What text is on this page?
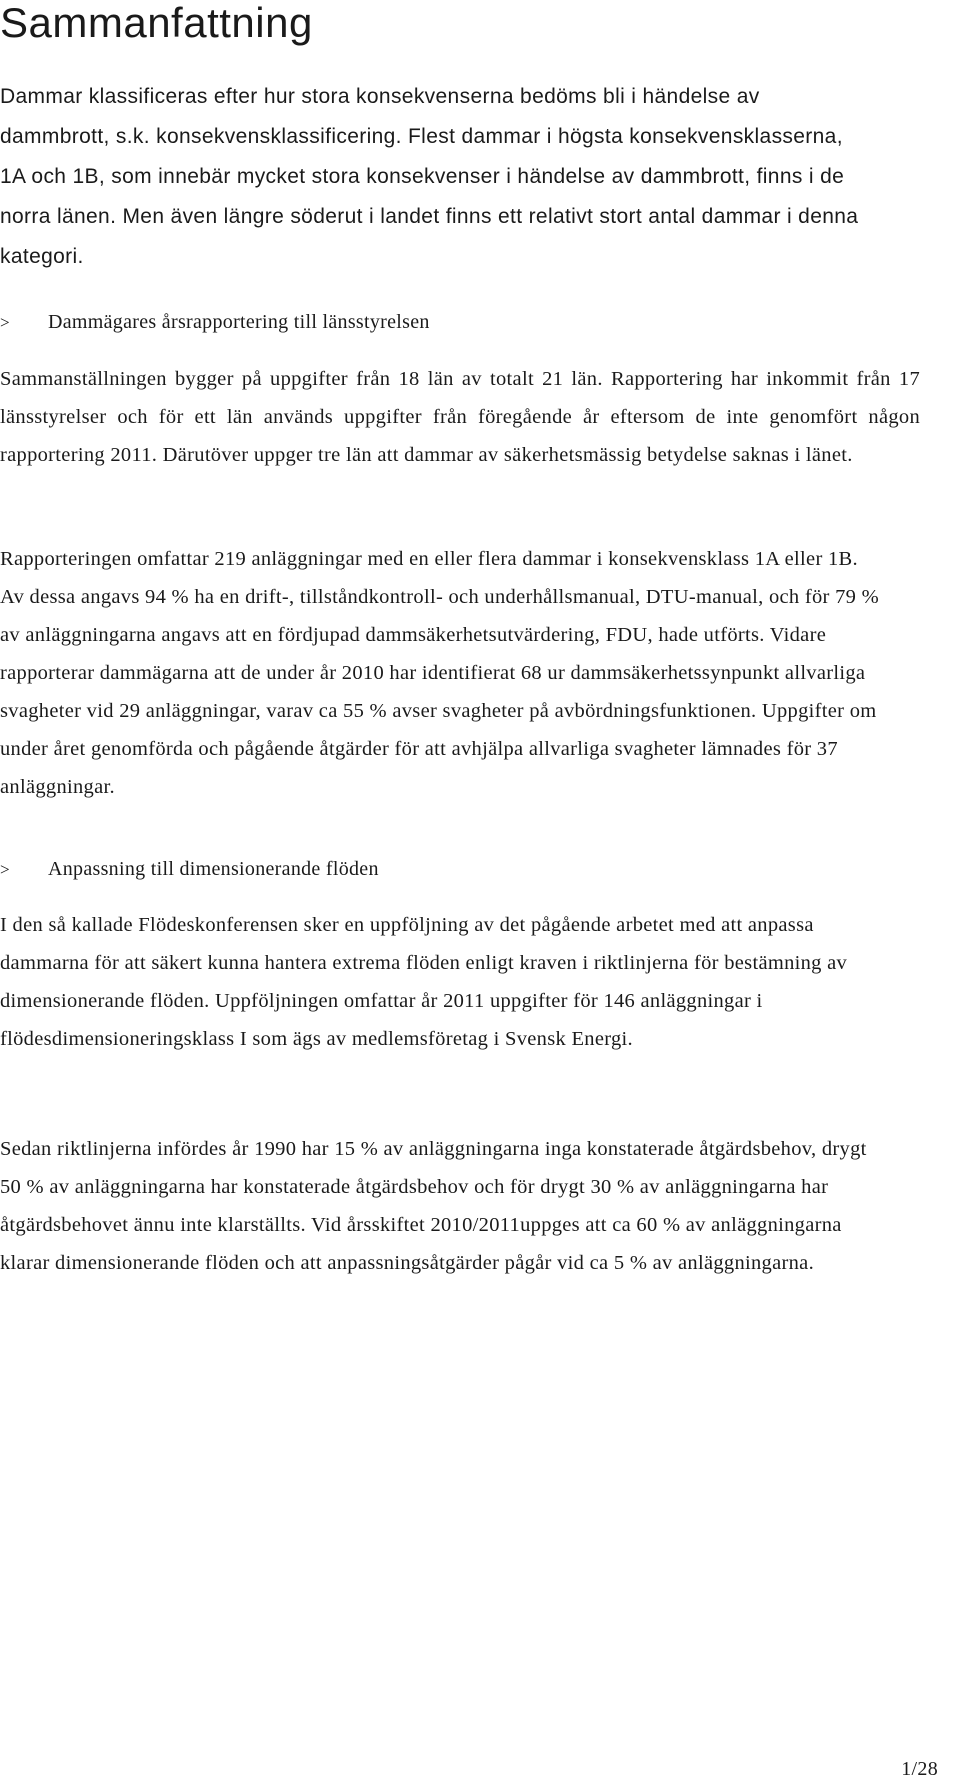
Sammanfattning

Dammar klassificeras efter hur stora konsekvenserna bedöms bli i händelse av dammbrott, s.k. konsekvensklassificering. Flest dammar i högsta konsekvensklasserna, 1A och 1B, som innebär mycket stora konsekvenser i händelse av dammbrott, finns i de norra länen. Men även längre söderut i landet finns ett relativt stort antal dammar i denna kategori.

> Dammägares årsrapportering till länsstyrelsen

Sammanställningen bygger på uppgifter från 18 län av totalt 21 län. Rapportering har inkommit från 17 länsstyrelser och för ett län används uppgifter från föregående år eftersom de inte genomfört någon rapportering 2011. Därutöver uppger tre län att dammar av säkerhetsmässig betydelse saknas i länet.

Rapporteringen omfattar 219 anläggningar med en eller flera dammar i konsekvensklass 1A eller 1B. Av dessa angavs 94 % ha en drift-, tillståndkontroll- och underhållsmanual, DTU-manual, och för 79 % av anläggningarna angavs att en fördjupad dammsäkerhetsutvärdering, FDU, hade utförts. Vidare rapporterar dammägarna att de under år 2010 har identifierat 68 ur dammsäkerhetssynpunkt allvarliga svagheter vid 29 anläggningar, varav ca 55 % avser svagheter på avbördningsfunktionen. Uppgifter om under året genomförda och pågående åtgärder för att avhjälpa allvarliga svagheter lämnades för 37 anläggningar.

> Anpassning till dimensionerande flöden

I den så kallade Flödeskonferensen sker en uppföljning av det pågående arbetet med att anpassa dammarna för att säkert kunna hantera extrema flöden enligt kraven i riktlinjerna för bestämning av dimensionerande flöden. Uppföljningen omfattar år 2011 uppgifter för 146 anläggningar i flödesdimensioneringsklass I som ägs av medlemsföretag i Svensk Energi.

Sedan riktlinjerna infördes år 1990 har 15 % av anläggningarna inga konstaterade åtgärdsbehov, drygt 50 % av anläggningarna har konstaterade åtgärdsbehov och för drygt 30 % av anläggningarna har åtgärdsbehovet ännu inte klarställts. Vid årsskiftet 2010/2011uppges att ca 60 % av anläggningarna klarar dimensionerande flöden och att anpassningsåtgärder pågår vid ca 5 % av anläggningarna.

1/28
